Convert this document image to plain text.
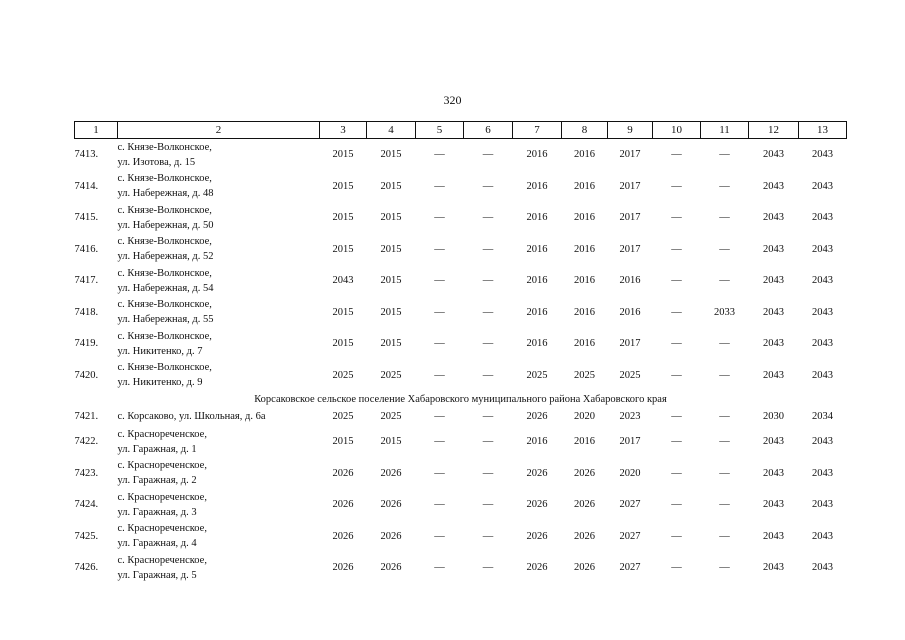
320
1	2	3	4	5	6	7	8	9	10	11	12	13
7413.	с. Князе-Волконское,
ул. Изотова, д. 15	2015	2015	—	—	2016	2016	2017	—	—	2043	2043
7414.	с. Князе-Волконское,
ул. Набережная, д. 48	2015	2015	—	—	2016	2016	2017	—	—	2043	2043
7415.	с. Князе-Волконское,
ул. Набережная, д. 50	2015	2015	—	—	2016	2016	2017	—	—	2043	2043
7416.	с. Князе-Волконское,
ул. Набережная, д. 52	2015	2015	—	—	2016	2016	2017	—	—	2043	2043
7417.	с. Князе-Волконское,
ул. Набережная, д. 54	2043	2015	—	—	2016	2016	2016	—	—	2043	2043
7418.	с. Князе-Волконское,
ул. Набережная, д. 55	2015	2015	—	—	2016	2016	2016	—	2033	2043	2043
7419.	с. Князе-Волконское,
ул. Никитенко, д. 7	2015	2015	—	—	2016	2016	2017	—	—	2043	2043
7420.	с. Князе-Волконское,
ул. Никитенко, д. 9	2025	2025	—	—	2025	2025	2025	—	—	2043	2043
Корсаковское сельское поселение Хабаровского муниципального района Хабаровского края												
7421.	с. Корсаково, ул. Школьная, д. 6а	2025	2025	—	—	2026	2020	2023	—	—	2030	2034
7422.	с. Краснореченское,
ул. Гаражная, д. 1	2015	2015	—	—	2016	2016	2017	—	—	2043	2043
7423.	с. Краснореченское,
ул. Гаражная, д. 2	2026	2026	—	—	2026	2026	2020	—	—	2043	2043
7424.	с. Краснореченское,
ул. Гаражная, д. 3	2026	2026	—	—	2026	2026	2027	—	—	2043	2043
7425.	с. Краснореченское,
ул. Гаражная, д. 4	2026	2026	—	—	2026	2026	2027	—	—	2043	2043
7426.	с. Краснореченское,
ул. Гаражная, д. 5	2026	2026	—	—	2026	2026	2027	—	—	2043	2043
